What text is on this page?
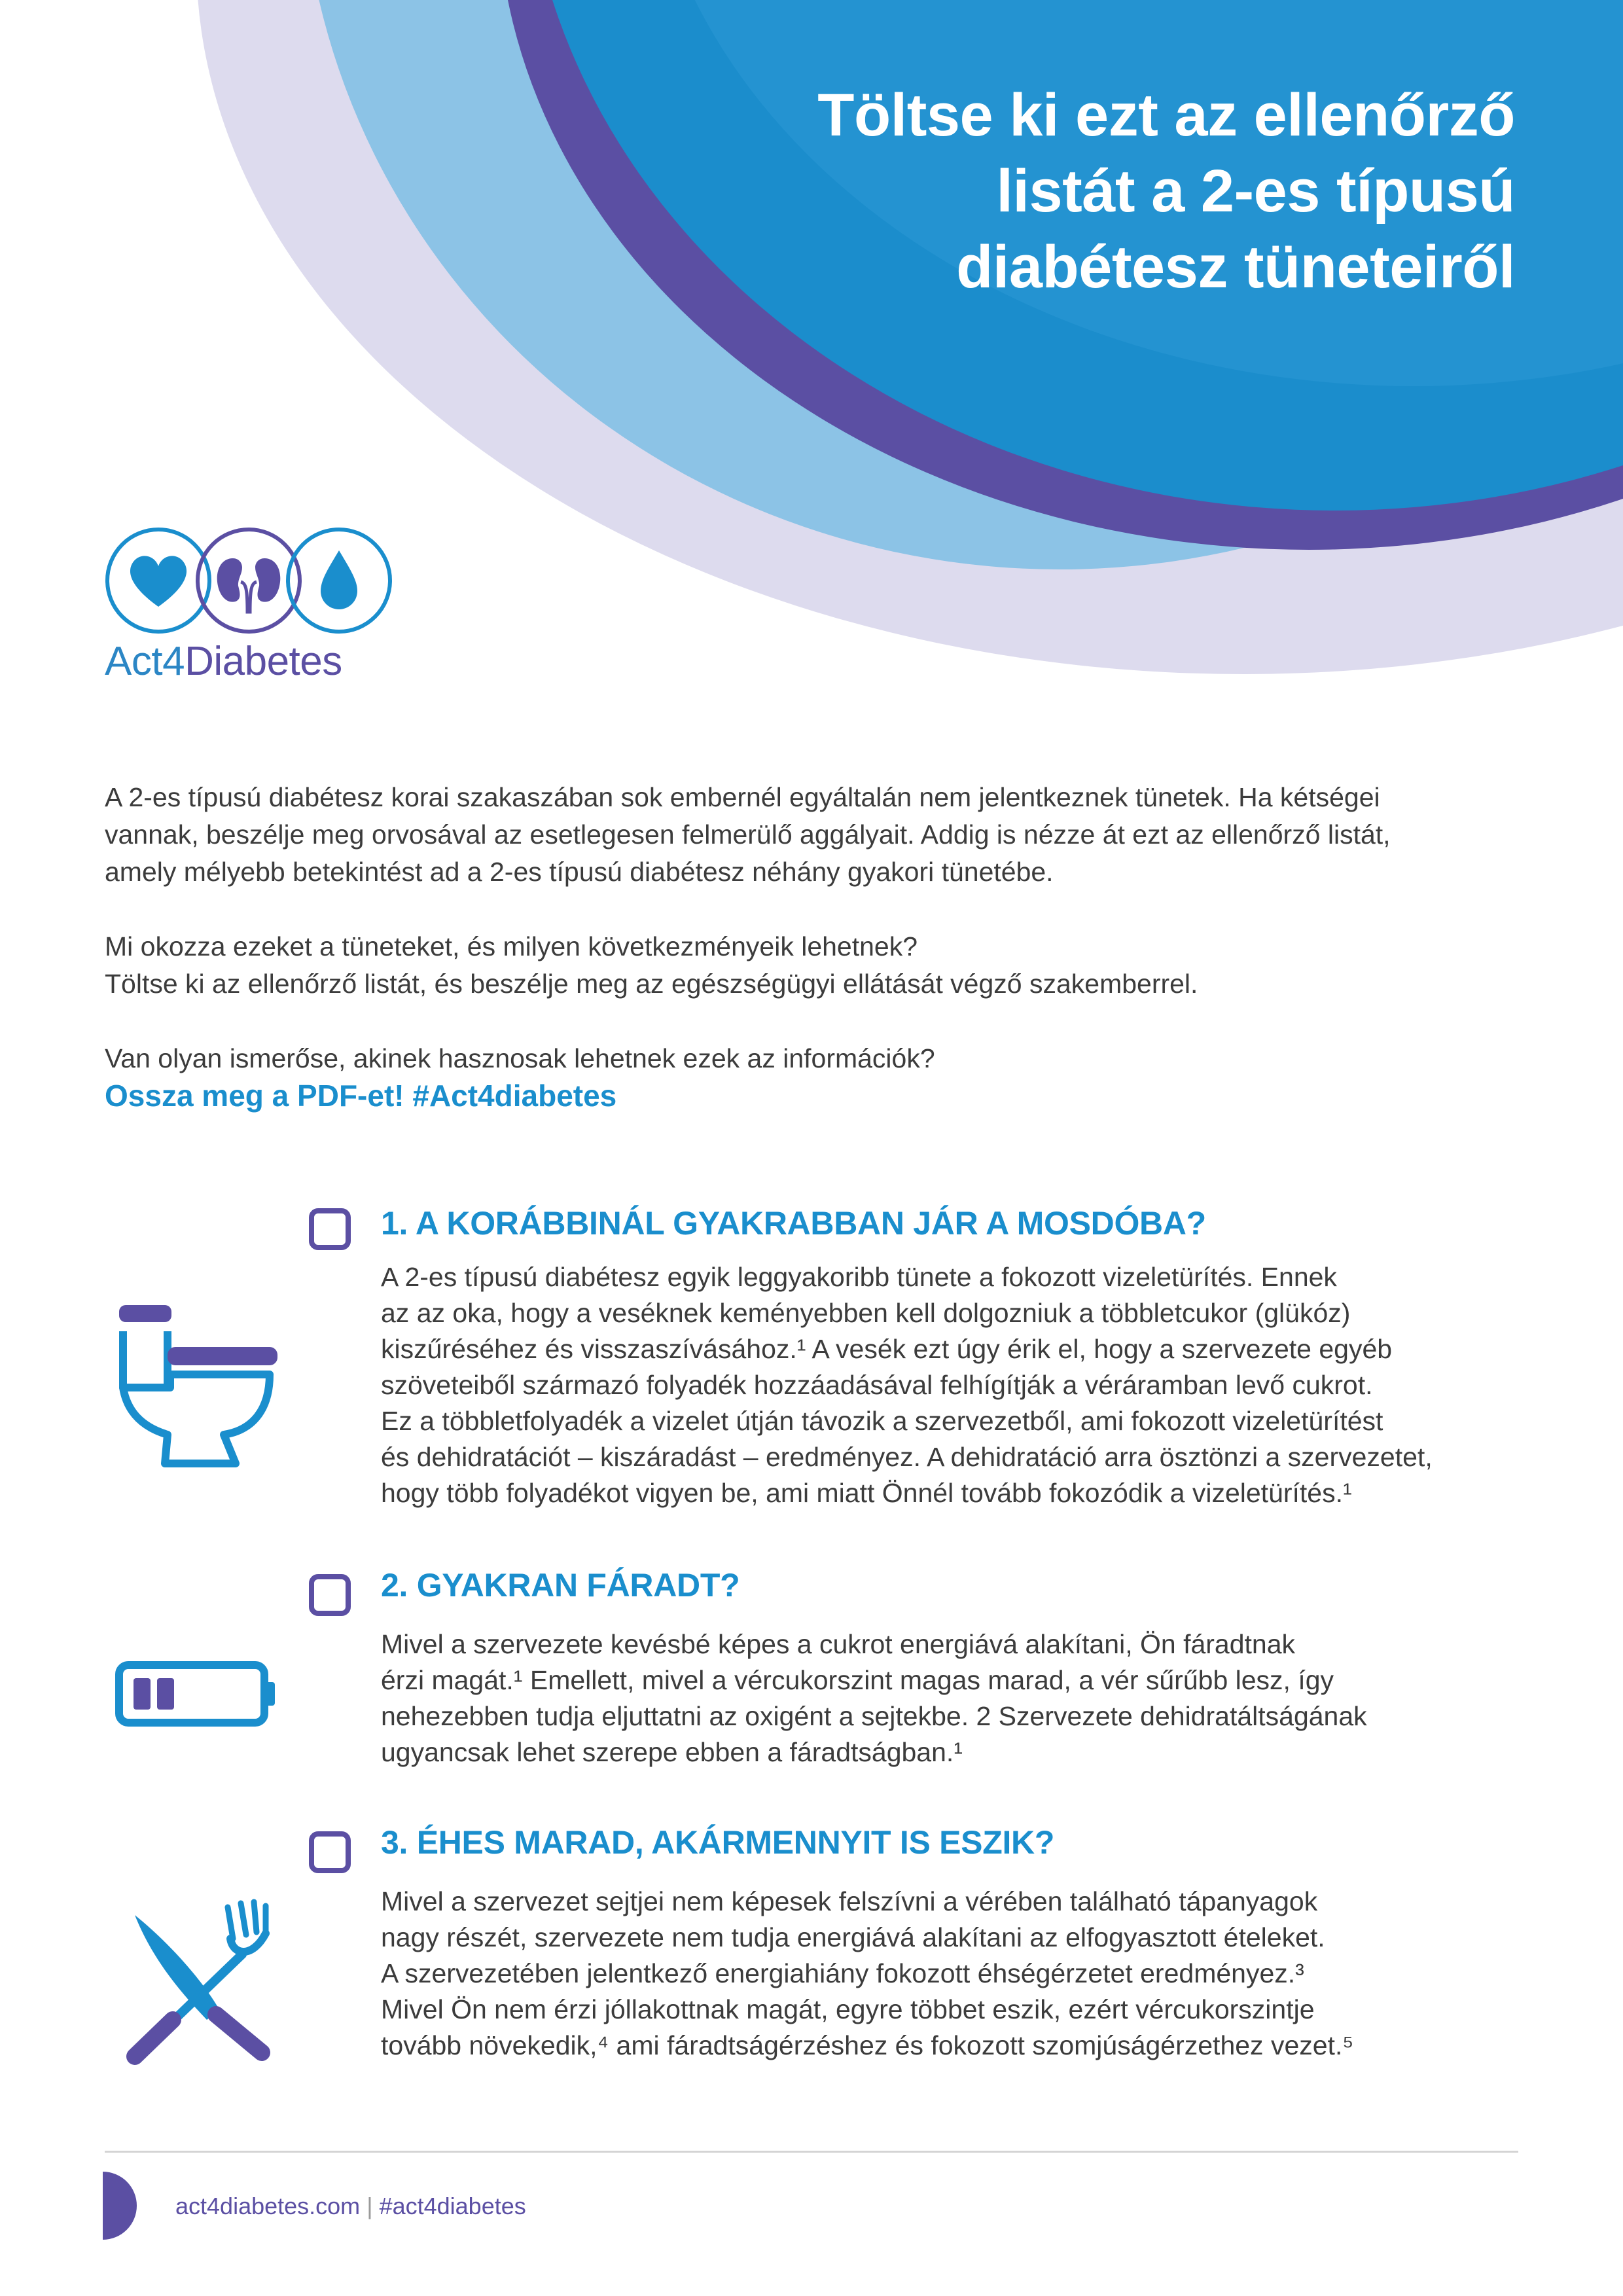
Töltse ki ezt az ellenőrző
listát a 2-es típusú
diabétesz tüneteiről
Act4Diabetes

A 2-es típusú diabétesz korai szakaszában sok embernél egyáltalán nem jelentkeznek tünetek. Ha kétségei
vannak, beszélje meg orvosával az esetlegesen felmerülő aggályait. Addig is nézze át ezt az ellenőrző listát,
amely mélyebb betekintést ad a 2-es típusú diabétesz néhány gyakori tünetébe.

Mi okozza ezeket a tüneteket, és milyen következményeik lehetnek?
Töltse ki az ellenőrző listát, és beszélje meg az egészségügyi ellátását végző szakemberrel.

Van olyan ismerőse, akinek hasznosak lehetnek ezek az információk?
Ossza meg a PDF-et! #Act4diabetes

1. A KORÁBBINÁL GYAKRABBAN JÁR A MOSDÓBA?
A 2-es típusú diabétesz egyik leggyakoribb tünete a fokozott vizeletürítés. Ennek
az az oka, hogy a veséknek keményebben kell dolgozniuk a többletcukor (glükóz)
kiszűréséhez és visszaszívásához.¹ A vesék ezt úgy érik el, hogy a szervezete egyéb
szöveteiből származó folyadék hozzáadásával felhígítják a véráramban levő cukrot.
Ez a többletfolyadék a vizelet útján távozik a szervezetből, ami fokozott vizeletürítést
és dehidratációt – kiszáradást – eredményez. A dehidratáció arra ösztönzi a szervezetet,
hogy több folyadékot vigyen be, ami miatt Önnél tovább fokozódik a vizeletürítés.¹
2. GYAKRAN FÁRADT?
Mivel a szervezete kevésbé képes a cukrot energiává alakítani, Ön fáradtnak
érzi magát.¹ Emellett, mivel a vércukorszint magas marad, a vér sűrűbb lesz, így
nehezebben tudja eljuttatni az oxigént a sejtekbe. 2 Szervezete dehidratáltságának
ugyancsak lehet szerepe ebben a fáradtságban.¹
3. ÉHES MARAD, AKÁRMENNYIT IS ESZIK?
Mivel a szervezet sejtjei nem képesek felszívni a vérében található tápanyagok
nagy részét, szervezete nem tudja energiává alakítani az elfogyasztott ételeket.
A szervezetében jelentkező energiahiány fokozott éhségérzetet eredményez.³
Mivel Ön nem érzi jóllakottnak magát, egyre többet eszik, ezért vércukorszintje
tovább növekedik,⁴ ami fáradtságérzéshez és fokozott szomjúságérzethez vezet.⁵
act4diabetes.com | #act4diabetes
